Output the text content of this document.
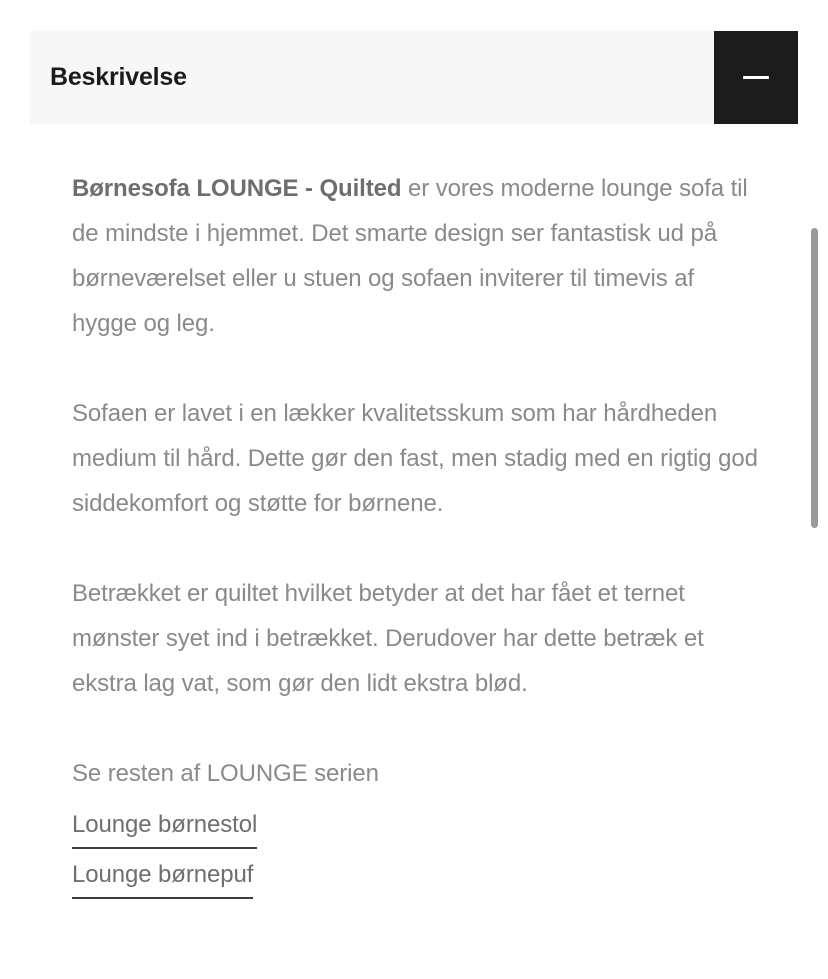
Beskrivelse

Børnesofa LOUNGE - Quilted er vores moderne lounge sofa til de mindste i hjemmet. Det smarte design ser fantastisk ud på børneværelset eller u stuen og sofaen inviterer til timevis af hygge og leg.

Sofaen er lavet i en lækker kvalitetsskum som har hårdheden medium til hård. Dette gør den fast, men stadig med en rigtig god siddekomfort og støtte for børnene.

Betrækket er quiltet hvilket betyder at det har fået et ternet mønster syet ind i betrækket. Derudover har dette betræk et ekstra lag vat, som gør den lidt ekstra blød.

Se resten af LOUNGE serien

Lounge børnestol
Lounge børnepuf
